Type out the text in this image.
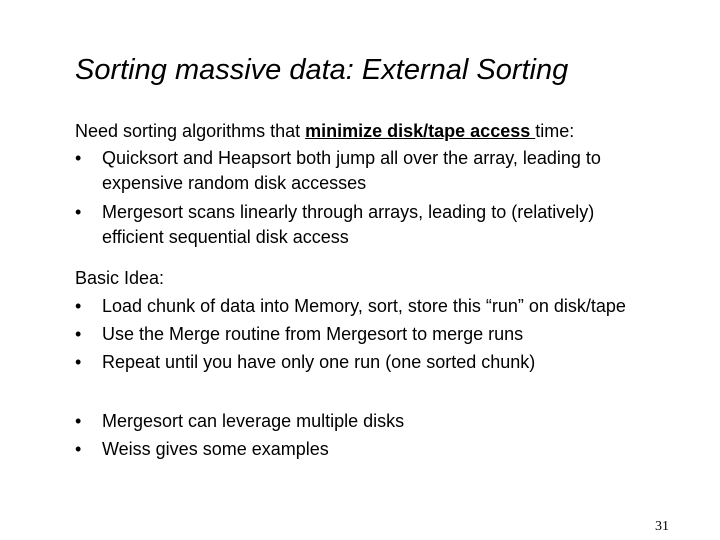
Sorting massive data: External Sorting
Need sorting algorithms that minimize disk/tape access time:
• Quicksort and Heapsort both jump all over the array, leading to
expensive random disk accesses
• Mergesort scans linearly through arrays, leading to (relatively)
efficient sequential disk access
Basic Idea:
• Load chunk of data into Memory, sort, store this “run” on disk/tape
• Use the Merge routine from Mergesort to merge runs
• Repeat until you have only one run (one sorted chunk)
• Mergesort can leverage multiple disks
• Weiss gives some examples
31
